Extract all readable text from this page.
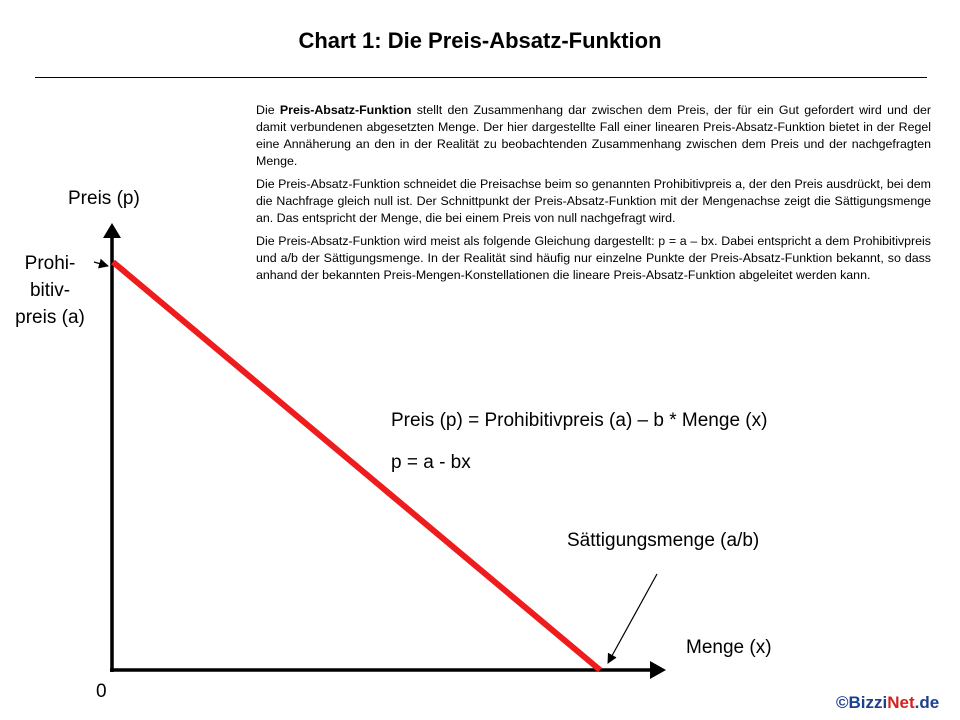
Chart 1: Die Preis-Absatz-Funktion

Die Preis-Absatz-Funktion stellt den Zusammenhang dar zwischen dem Preis, der für ein Gut gefordert wird und der damit verbundenen abgesetzten Menge. Der hier dargestellte Fall einer linearen Preis-Absatz-Funktion bietet in der Regel eine Annäherung an den in der Realität zu beobachtenden Zusammenhang zwischen dem Preis und der nachgefragten Menge.

Die Preis-Absatz-Funktion schneidet die Preisachse beim so genannten Prohibitivpreis a, der den Preis ausdrückt, bei dem die Nachfrage gleich null ist. Der Schnittpunkt der Preis-Absatz-Funktion mit der Mengenachse zeigt die Sättigungsmenge an. Das entspricht der Menge, die bei einem Preis von null nachgefragt wird.

Die Preis-Absatz-Funktion wird meist als folgende Gleichung dargestellt: p = a – bx. Dabei entspricht a dem Prohibitivpreis und a/b der Sättigungsmenge. In der Realität sind häufig nur einzelne Punkte der Preis-Absatz-Funktion bekannt, so dass anhand der bekannten Preis-Mengen-Konstellationen die lineare Preis-Absatz-Funktion abgeleitet werden kann.

Preis (p)
Prohi-
bitiv-
preis (a)
Preis (p) = Prohibitivpreis (a) – b * Menge (x)
p = a - bx
Sättigungsmenge (a/b)
Menge (x)
0
©BizziNet.de
